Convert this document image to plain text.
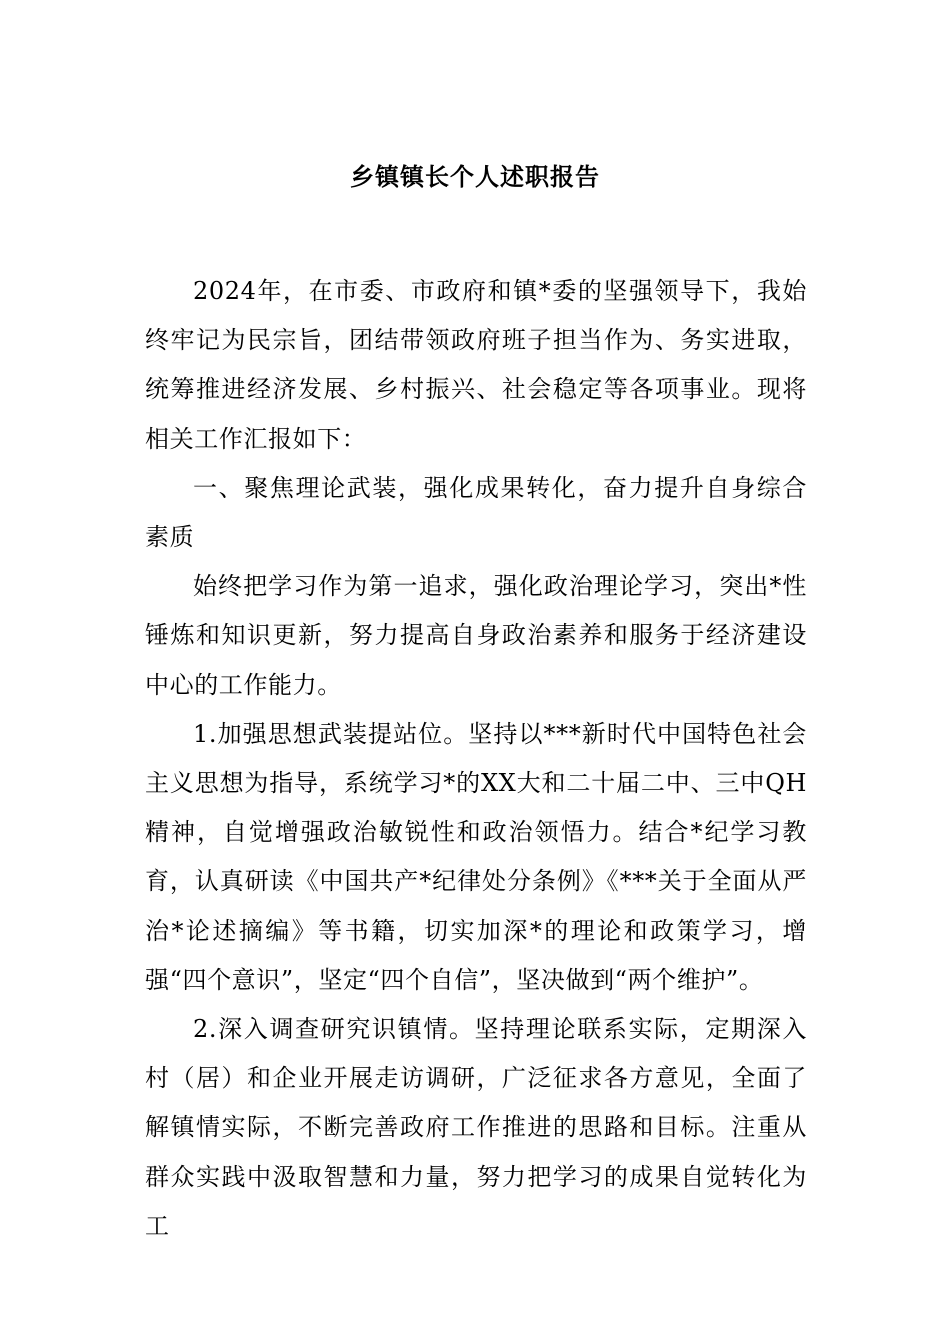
乡镇镇长个人述职报告

2024年，在市委、市政府和镇*委的坚强领导下，我始终牢记为民宗旨，团结带领政府班子担当作为、务实进取，统筹推进经济发展、乡村振兴、社会稳定等各项事业。现将相关工作汇报如下：

一、聚焦理论武装，强化成果转化，奋力提升自身综合素质

始终把学习作为第一追求，强化政治理论学习，突出*性锤炼和知识更新，努力提高自身政治素养和服务于经济建设中心的工作能力。

1.加强思想武装提站位。坚持以***新时代中国特色社会主义思想为指导，系统学习*的XX大和二十届二中、三中QH精神，自觉增强政治敏锐性和政治领悟力。结合*纪学习教育，认真研读《中国共产*纪律处分条例》《***关于全面从严治*论述摘编》等书籍，切实加深*的理论和政策学习，增强“四个意识”，坚定“四个自信”，坚决做到“两个维护”。

2.深入调查研究识镇情。坚持理论联系实际，定期深入村（居）和企业开展走访调研，广泛征求各方意见，全面了解镇情实际，不断完善政府工作推进的思路和目标。注重从群众实践中汲取智慧和力量，努力把学习的成果自觉转化为工
